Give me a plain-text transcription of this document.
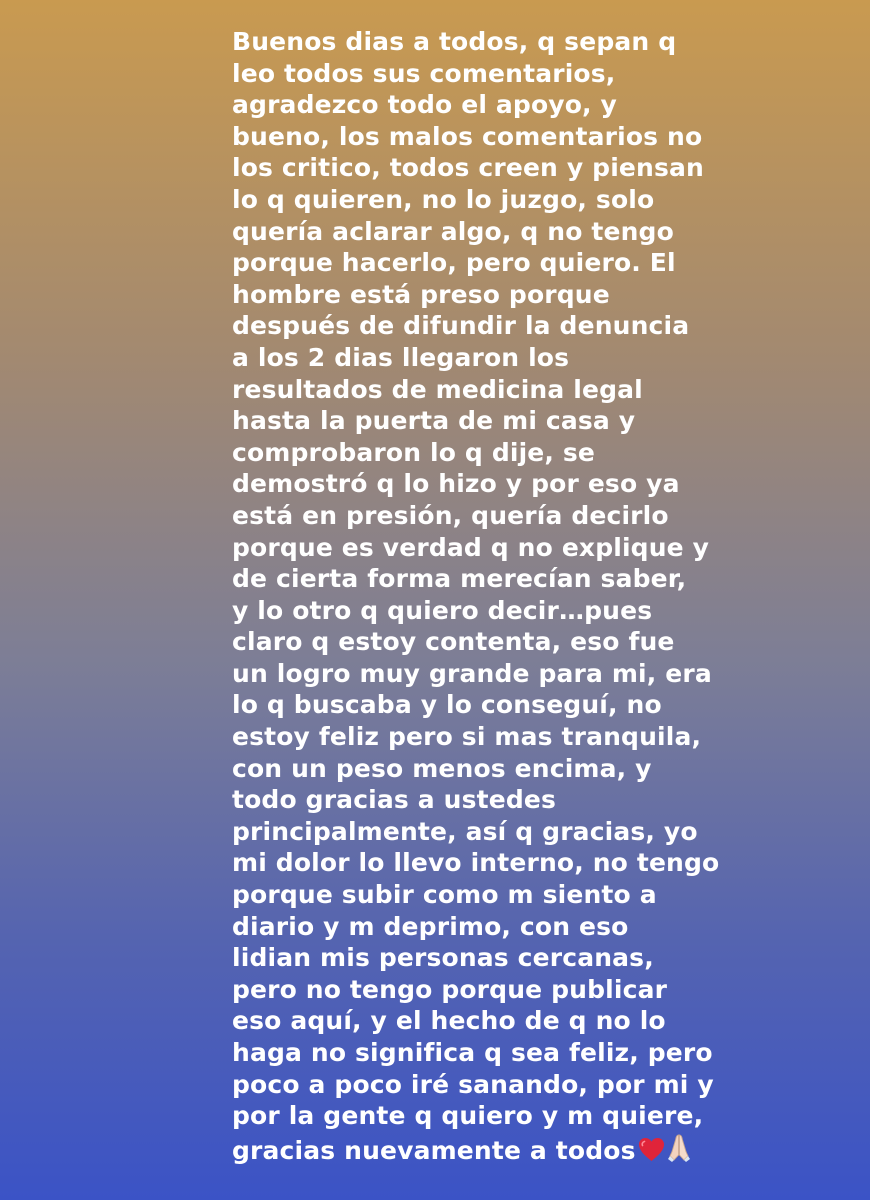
Buenos dias a todos, q sepan q
leo todos sus comentarios,
agradezco todo el apoyo, y
bueno, los malos comentarios no
los critico, todos creen y piensan
lo q quieren, no lo juzgo, solo
quería aclarar algo, q no tengo
porque hacerlo, pero quiero. El
hombre está preso porque
después de difundir la denuncia
a los 2 dias llegaron los
resultados de medicina legal
hasta la puerta de mi casa y
comprobaron lo q dije, se
demostró q lo hizo y por eso ya
está en presión, quería decirlo
porque es verdad q no explique y
de cierta forma merecían saber,
y lo otro q quiero decir…pues
claro q estoy contenta, eso fue
un logro muy grande para mi, era
lo q buscaba y lo conseguí, no
estoy feliz pero si mas tranquila,
con un peso menos encima, y
todo gracias a ustedes
principalmente, así q gracias, yo
mi dolor lo llevo interno, no tengo
porque subir como m siento a
diario y m deprimo, con eso
lidian mis personas cercanas,
pero no tengo porque publicar
eso aquí, y el hecho de q no lo
haga no significa q sea feliz, pero
poco a poco iré sanando, por mi y
por la gente q quiero y m quiere,
gracias nuevamente a todos
